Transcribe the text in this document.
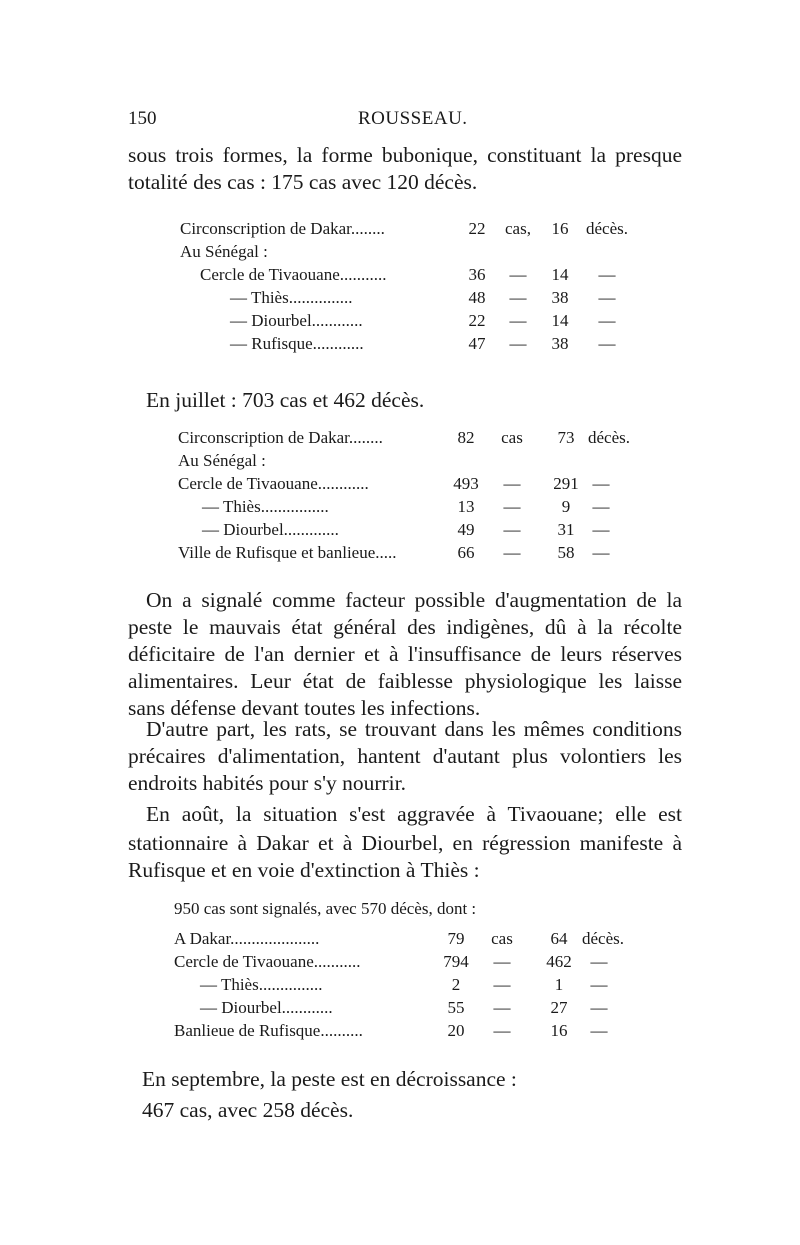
150	ROUSSEAU.
sous trois formes, la forme bubonique, constituant la presque
totalité des cas : 175 cas avec 120 décès.
Circonscription de Dakar........	22	cas,	16	décès.
Au Sénégal :
Cercle de Tivaouane...........	36	—	14	—
— Thiès...............	48	—	38	—
— Diourbel............	22	—	14	—
— Rufisque............	47	—	38	—
En juillet : 703 cas et 462 décès.
Circonscription de Dakar........	82	cas	73 décès.
Au Sénégal :
Cercle de Tivaouane............	493	—	291 —
— Thiès................	13	—	9	—
— Diourbel.............	49	—	31	—
Ville de Rufisque et banlieue.....	66	—	58	—
On a signalé comme facteur possible d'augmentation de la
peste le mauvais état général des indigènes, dû à la récolte
déficitaire de l'an dernier et à l'insuffisance de leurs réserves
alimentaires. Leur état de faiblesse physiologique les laisse
sans défense devant toutes les infections.
D'autre part, les rats, se trouvant dans les mêmes conditions
précaires d'alimentation, hantent d'autant plus volontiers les
endroits habités pour s'y nourrir.
En août, la situation s'est aggravée à Tivaouane; elle est
stationnaire à Dakar et à Diourbel, en régression manifeste à
Rufisque et en voie d'extinction à Thiès :
950 cas sont signalés, avec 570 décès, dont :
A Dakar.....................	79	cas	64 décès.
Cercle de Tivaouane...........	794	—	462	—
— Thiès...............	2	—	1	—
— Diourbel............	55	—	27	—
Banlieue de Rufisque..........	20	—	16	—
En septembre, la peste est en décroissance :
467 cas, avec 258 décès.
